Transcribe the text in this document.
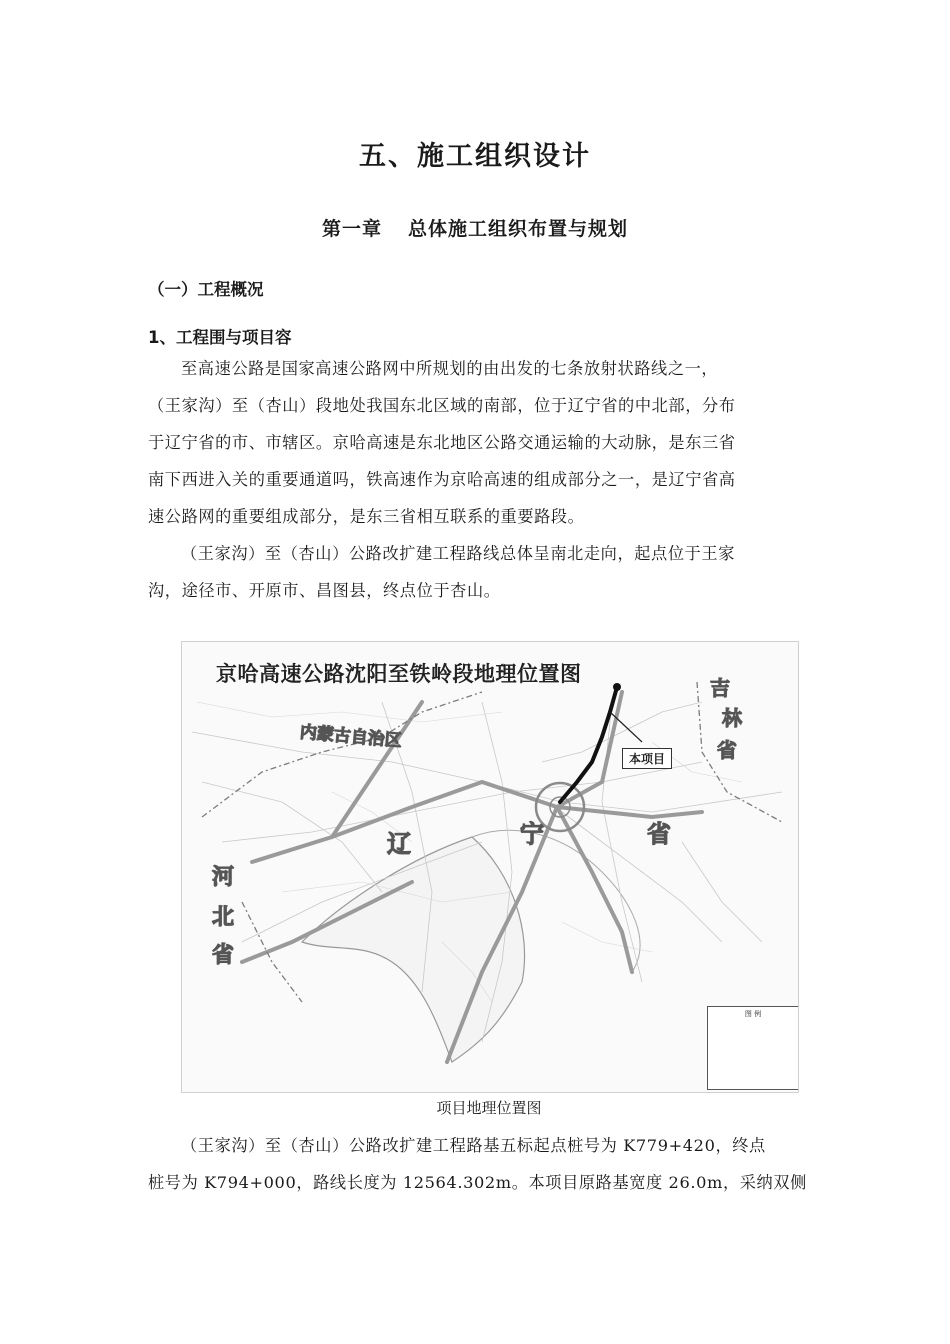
五、施工组织设计
第一章 总体施工组织布置与规划
（一）工程概况
1、工程围与项目容
至高速公路是国家高速公路网中所规划的由出发的七条放射状路线之一，
（王家沟）至（杏山）段地处我国东北区域的南部，位于辽宁省的中北部，分布
于辽宁省的市、市辖区。京哈高速是东北地区公路交通运输的大动脉，是东三省
南下西进入关的重要通道吗，铁高速作为京哈高速的组成部分之一，是辽宁省高
速公路网的重要组成部分，是东三省相互联系的重要路段。
（王家沟）至（杏山）公路改扩建工程路线总体呈南北走向，起点位于王家
沟，途径市、开原市、昌图县，终点位于杏山。
京哈高速公路沈阳至铁岭段地理位置图
内蒙古自治区
本项目
吉
林
省
河
北
省
辽	宁	省
图 例
项目地理位置图
（王家沟）至（杏山）公路改扩建工程路基五标起点桩号为 K779+420，终点
桩号为 K794+000，路线长度为 12564.302m。本项目原路基宽度 26.0m，采纳双侧
